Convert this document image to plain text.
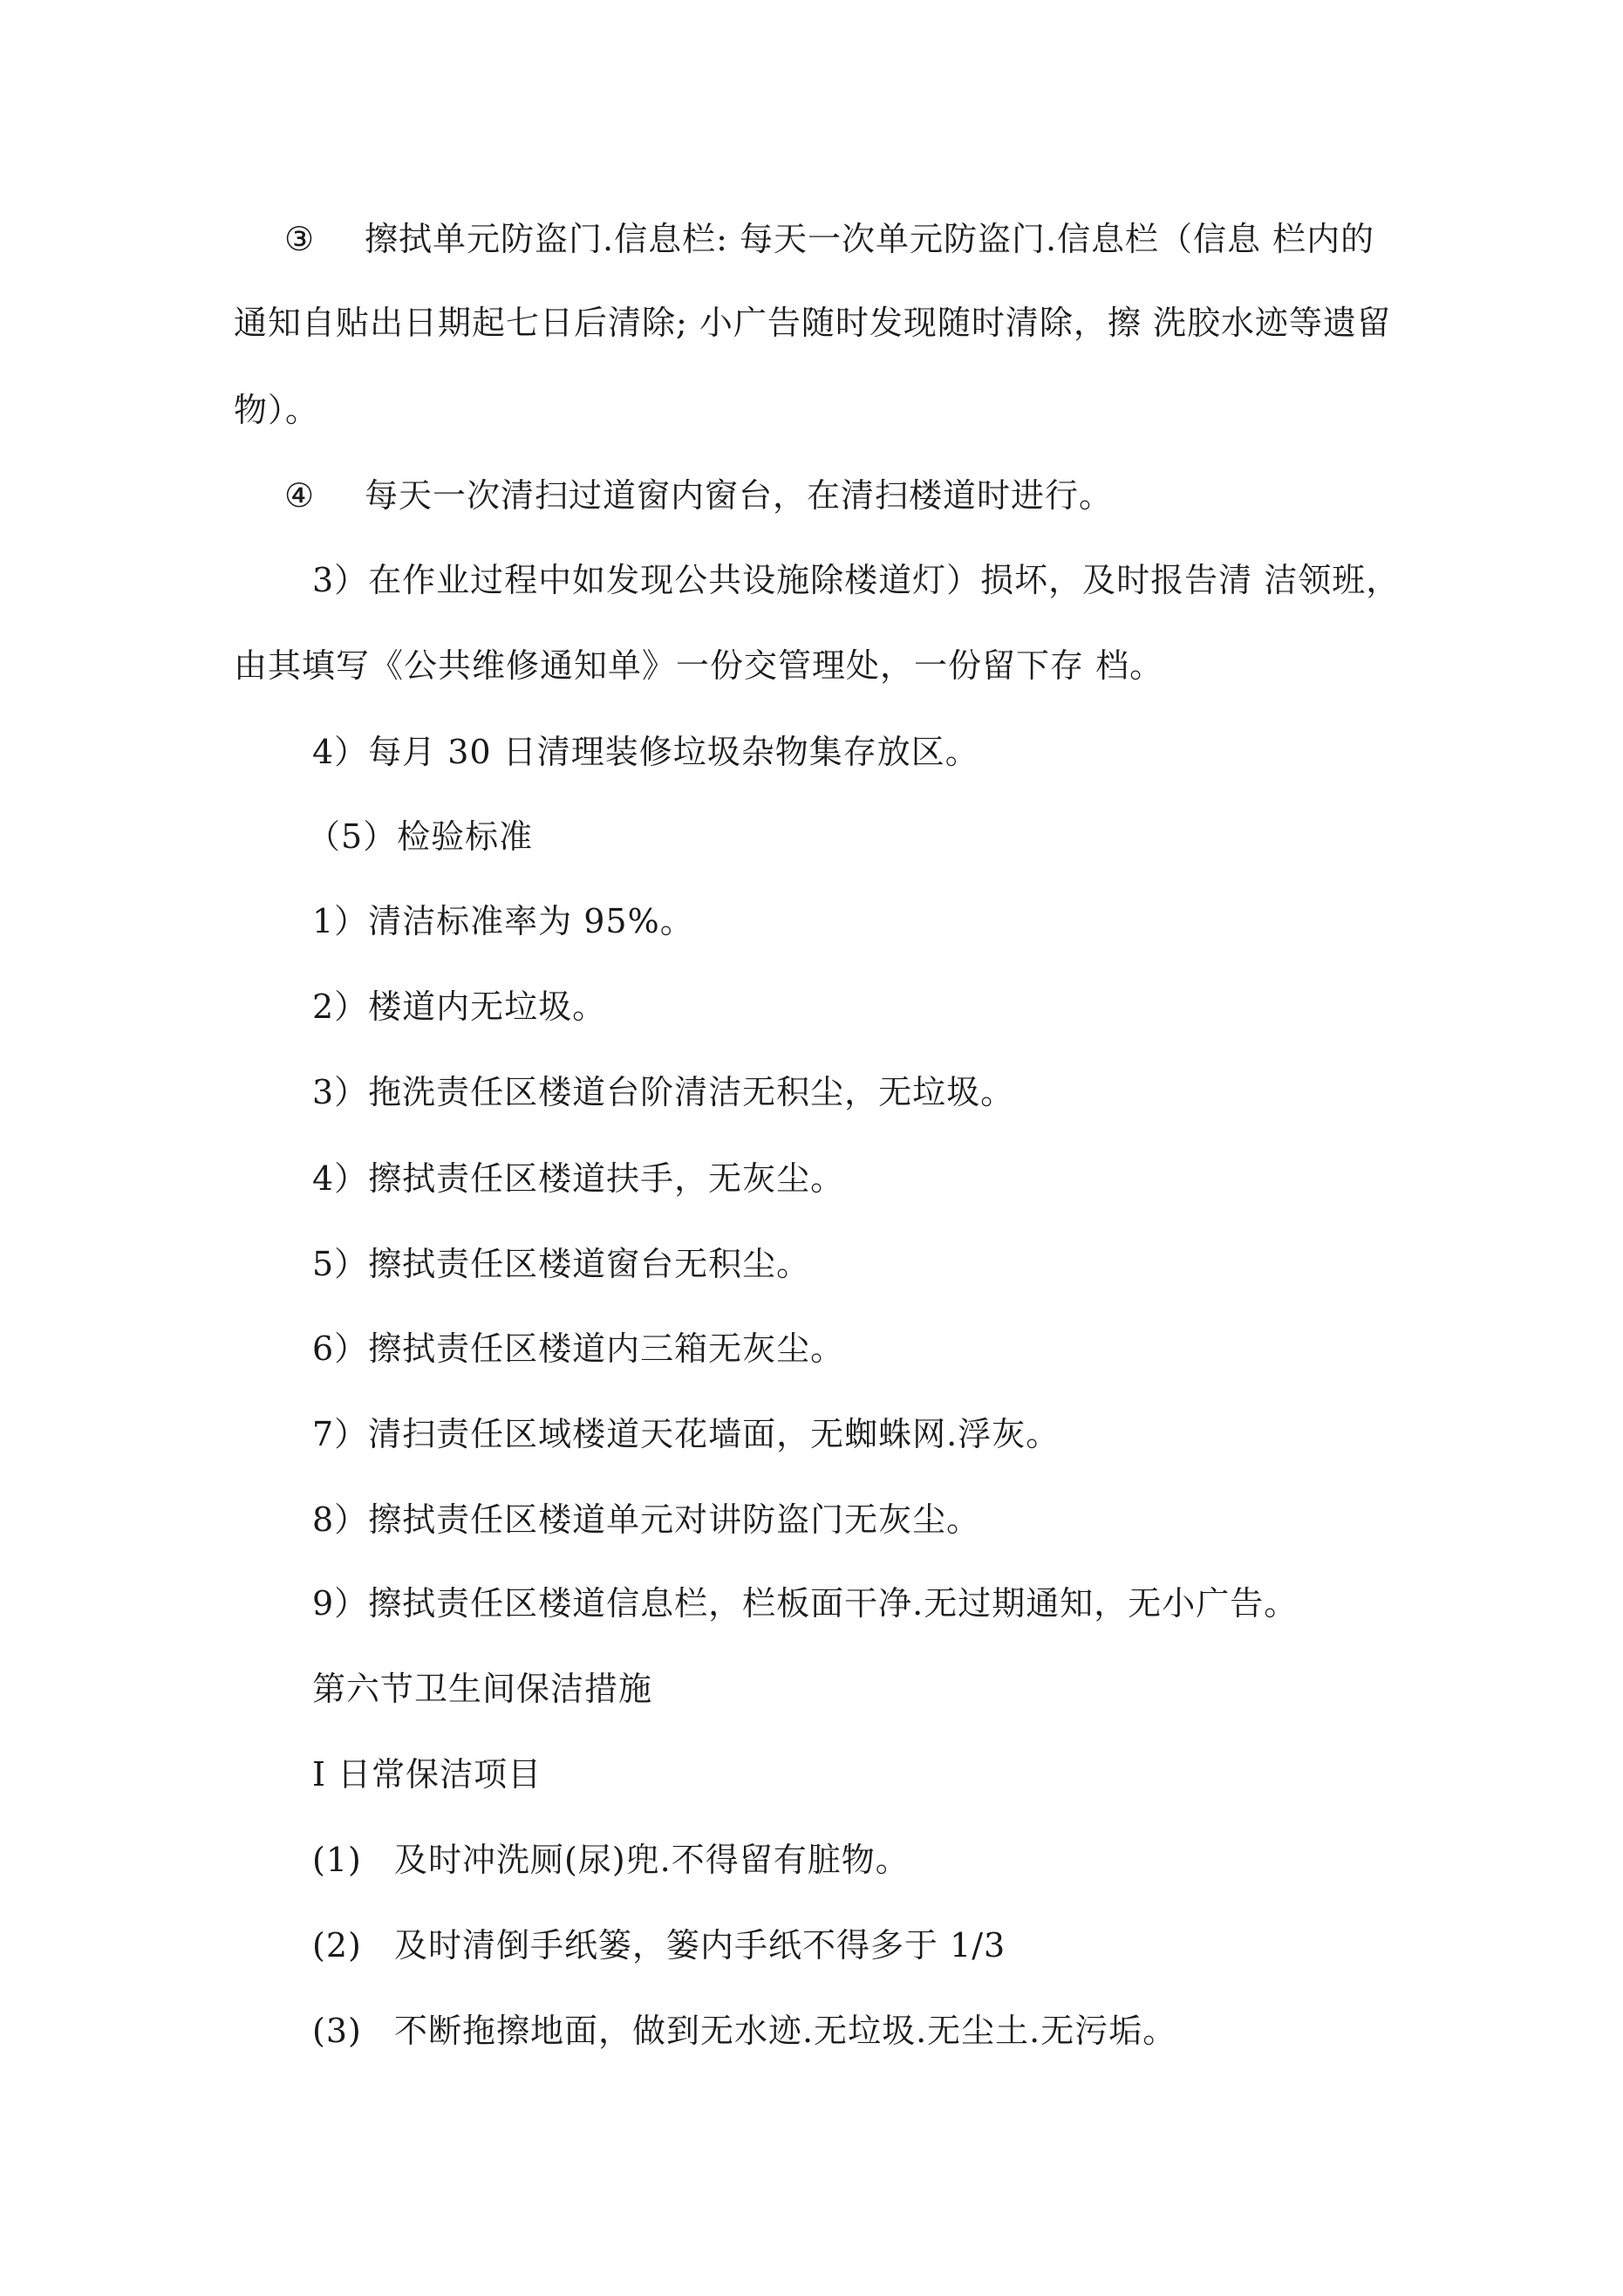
③ 擦拭单元防盗门.信息栏: 每天一次单元防盗门.信息栏（信息 栏内的
通知自贴出日期起七日后清除; 小广告随时发现随时清除，擦 洗胶水迹等遗留
物）。
④ 每天一次清扫过道窗内窗台，在清扫楼道时进行。
3）在作业过程中如发现公共设施除楼道灯）损坏，及时报告清 洁领班，
由其填写《公共维修通知单》一份交管理处，一份留下存 档。
4）每月 30 日清理装修垃圾杂物集存放区。
（5）检验标准
1）清洁标准率为 95%。
2）楼道内无垃圾。
3）拖洗责任区楼道台阶清洁无积尘，无垃圾。
4）擦拭责任区楼道扶手，无灰尘。
5）擦拭责任区楼道窗台无积尘。
6）擦拭责任区楼道内三箱无灰尘。
7）清扫责任区域楼道天花墙面，无蜘蛛网.浮灰。
8）擦拭责任区楼道单元对讲防盗门无灰尘。
9）擦拭责任区楼道信息栏，栏板面干净.无过期通知，无小广告。
第六节卫生间保洁措施
I 日常保洁项目
(1) 及时冲洗厕(尿)兜.不得留有脏物。
(2) 及时清倒手纸篓，篓内手纸不得多于 1/3
(3) 不断拖擦地面，做到无水迹.无垃圾.无尘土.无污垢。
